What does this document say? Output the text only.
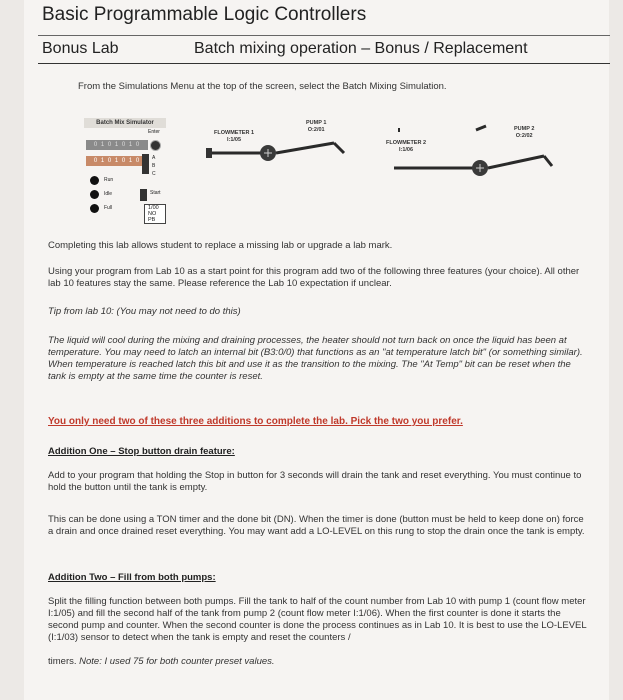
Basic Programmable Logic Controllers
Bonus Lab	Batch mixing operation – Bonus / Replacement
From the Simulations Menu at the top of the screen, select the Batch Mixing Simulation.
Batch Mix Simulator
Enter
0 1 0 1 0 1 0
0 1 0 1 0 1 0	A
B
C
Run
Idle
Full
Start
1/00 NO PB
FLOWMETER 1
I:1/05
PUMP 1
O:2/01
FLOWMETER 2
I:1/06
PUMP 2
O:2/02
Completing this lab allows student to replace a missing lab or upgrade a lab mark.
Using your program from Lab 10 as a start point for this program add two of the following three features (your choice). All other lab 10 features stay the same. Please reference the Lab 10 expectation if unclear.
Tip from lab 10: (You may not need to do this)
The liquid will cool during the mixing and draining processes, the heater should not turn back on once the liquid has been at temperature. You may need to latch an internal bit (B3:0/0) that functions as an "at temperature latch bit" (or something similar). When temperature is reached latch this bit and use it as the transition to the mixing. The "At Temp" bit can be reset when the tank is empty at the same time the counter is reset.
You only need two of these three additions to complete the lab. Pick the two you prefer.
Addition One – Stop button drain feature:
Add to your program that holding the Stop in button for 3 seconds will drain the tank and reset everything. You must continue to hold the button until the tank is empty.
This can be done using a TON timer and the done bit (DN). When the timer is done (button must be held to keep done on) force a drain and once drained reset everything. You may want add a LO-LEVEL on this rung to stop the drain once the tank is empty.
Addition Two – Fill from both pumps:
Split the filling function between both pumps. Fill the tank to half of the count number from Lab 10 with pump 1 (count flow meter I:1/05) and fill the second half of the tank from pump 2 (count flow meter I:1/06). When the first counter is done it starts the second pump and counter. When the second counter is done the process continues as in Lab 10. It is best to use the LO-LEVEL (I:1/03) sensor to detect when the tank is empty and reset the counters /
timers. Note: I used 75 for both counter preset values.
